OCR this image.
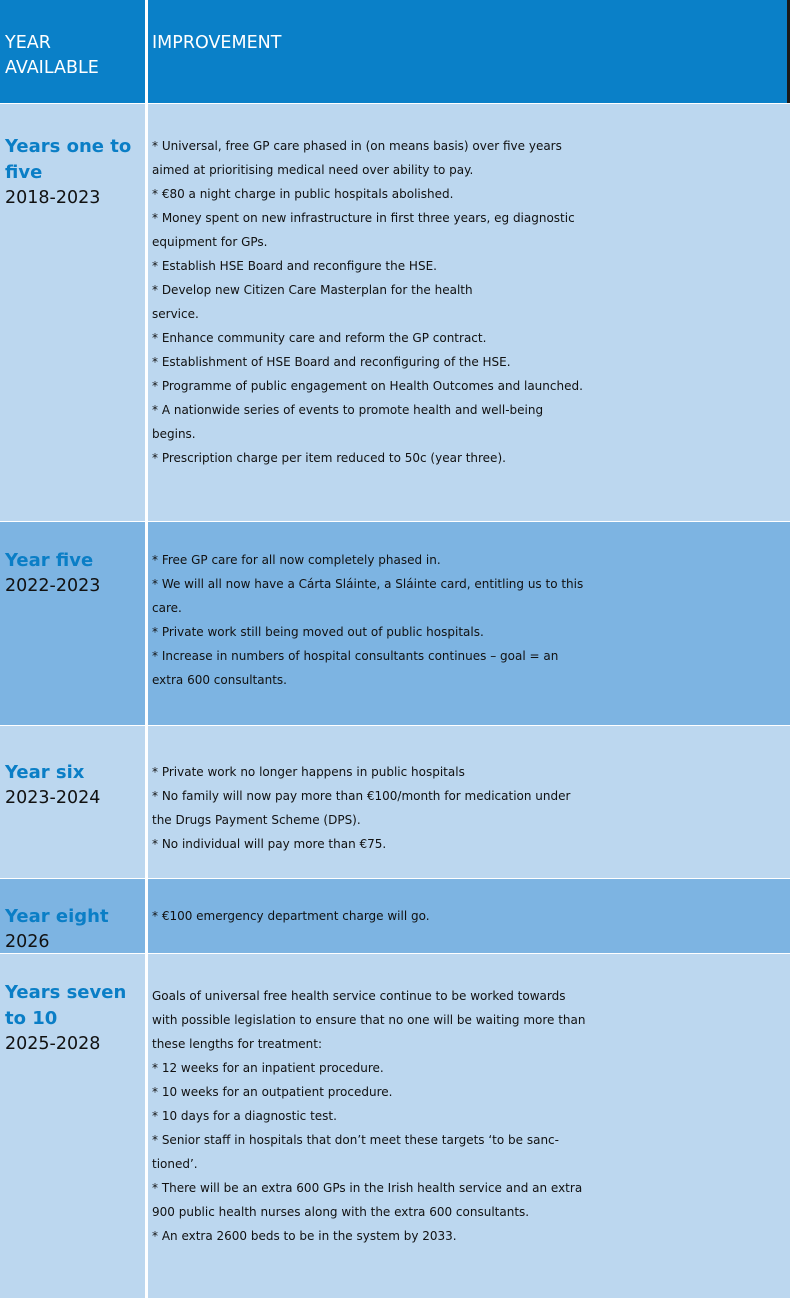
YEAR
AVAILABLE
IMPROVEMENT
Years one to
five
2018-2023
* Universal, free GP care phased in (on means basis) over five years
aimed at prioritising medical need over ability to pay.
* €80 a night charge in public hospitals abolished.
* Money spent on new infrastructure in first three years, eg diagnostic
equipment for GPs.
* Establish HSE Board and reconfigure the HSE.
* Develop new Citizen Care Masterplan for the health
service.
* Enhance community care and reform the GP contract.
* Establishment of HSE Board and reconfiguring of the HSE.
* Programme of public engagement on Health Outcomes and launched.
* A nationwide series of events to promote health and well-being
begins.
* Prescription charge per item reduced to 50c (year three).
Year five
2022-2023
* Free GP care for all now completely phased in.
* We will all now have a Cárta Sláinte, a Sláinte card, entitling us to this
care.
* Private work still being moved out of public hospitals.
* Increase in numbers of hospital consultants continues – goal = an
extra 600 consultants.
Year six
2023-2024
* Private work no longer happens in public hospitals
* No family will now pay more than €100/month for medication under
the Drugs Payment Scheme (DPS).
* No individual will pay more than €75.
Year eight
2026
* €100 emergency department charge will go.
Years seven
to 10
2025-2028
Goals of universal free health service continue to be worked towards
with possible legislation to ensure that no one will be waiting more than
these lengths for treatment:
* 12 weeks for an inpatient procedure.
* 10 weeks for an outpatient procedure.
* 10 days for a diagnostic test.
* Senior staff in hospitals that don’t meet these targets ‘to be sanc-
tioned’.
* There will be an extra 600 GPs in the Irish health service and an extra
900 public health nurses along with the extra 600 consultants.
* An extra 2600 beds to be in the system by 2033.
